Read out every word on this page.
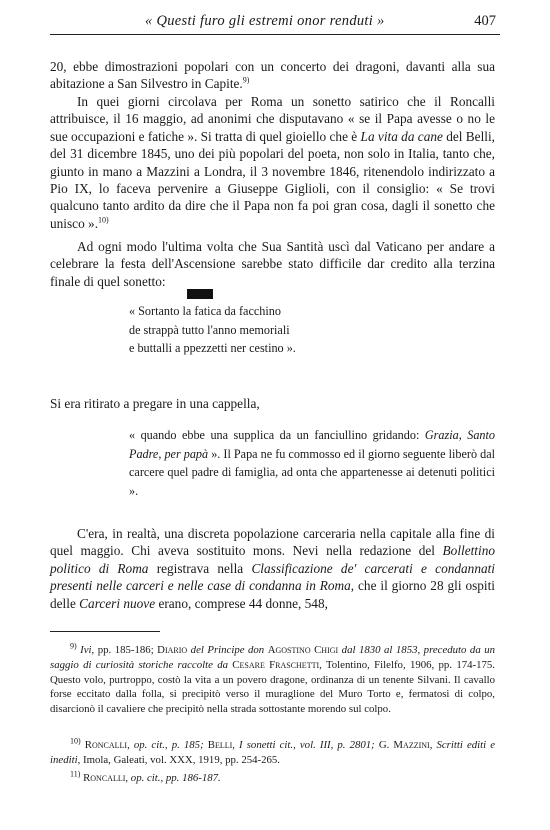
« Questi furo gli estremi onor renduti »	407

20, ebbe dimostrazioni popolari con un concerto dei dragoni, davanti alla sua abitazione a San Silvestro in Capite.$^{9)}$

In quei giorni circolava per Roma un sonetto satirico che il Roncalli attribuisce, il 16 maggio, ad anonimi che disputavano « se il Papa avesse o no le sue occupazioni e fatiche ». Si tratta di quel gioiello che è La vita da cane del Belli, del 31 dicembre 1845, uno dei più popolari del poeta, non solo in Italia, tanto che, giunto in mano a Mazzini a Londra, il 3 novembre 1846, ritenendolo indirizzato a Pio IX, lo faceva pervenire a Giuseppe Giglioli, con il consiglio: « Se trovi qualcuno tanto ardito da dire che il Papa non fa poi gran cosa, dagli il sonetto che unisco ».$^{10)}$

Ad ogni modo l'ultima volta che Sua Santità uscì dal Vaticano per andare a celebrare la festa dell'Ascensione sarebbe stato difficile dar credito alla terzina finale di quel sonetto:

« Sortanto la fatica da facchino
de strappà tutto l'anno memoriali
e buttalli a ppezzetti ner cestino ».

Si era ritirato a pregare in una cappella,

« quando ebbe una supplica da un fanciullino gridando: Grazia, Santo Padre, per papà ». Il Papa ne fu commosso ed il giorno seguente liberò dal carcere quel padre di famiglia, ad onta che appartenesse ai detenuti politici ».

C'era, in realtà, una discreta popolazione carceraria nella capitale alla fine di quel maggio. Chi aveva sostituito mons. Nevi nella redazione del Bollettino politico di Roma registrava nella Classificazione de' carcerati e condannati presenti nelle carceri e nelle case di condanna in Roma, che il giorno 28 gli ospiti delle Carceri nuove erano, comprese 44 donne, 548,

$^{9)}$ Ivi, pp. 185-186; Diario del Principe don Agostino Chigi dal 1830 al 1853, preceduto da un saggio di curiosità storiche raccolte da Cesare Fraschetti, Tolentino, Filelfo, 1906, pp. 174-175. Questo volo, purtroppo, costò la vita a un povero dragone, ordinanza di un tenente Silvani. Il cavallo forse eccitato dalla folla, si precipitò verso il muraglione del Muro Torto e, fermatosi di colpo, disarcionò il cavaliere che precipitò nella strada sottostante morendo sul colpo.

$^{10)}$ Roncalli, op. cit., p. 185; Belli, I sonetti cit., vol. III, p. 2801; G. Mazzini, Scritti editi e inediti, Imola, Galeati, vol. XXX, 1919, pp. 254-265.

$^{11)}$ Roncalli, op. cit., pp. 186-187.
